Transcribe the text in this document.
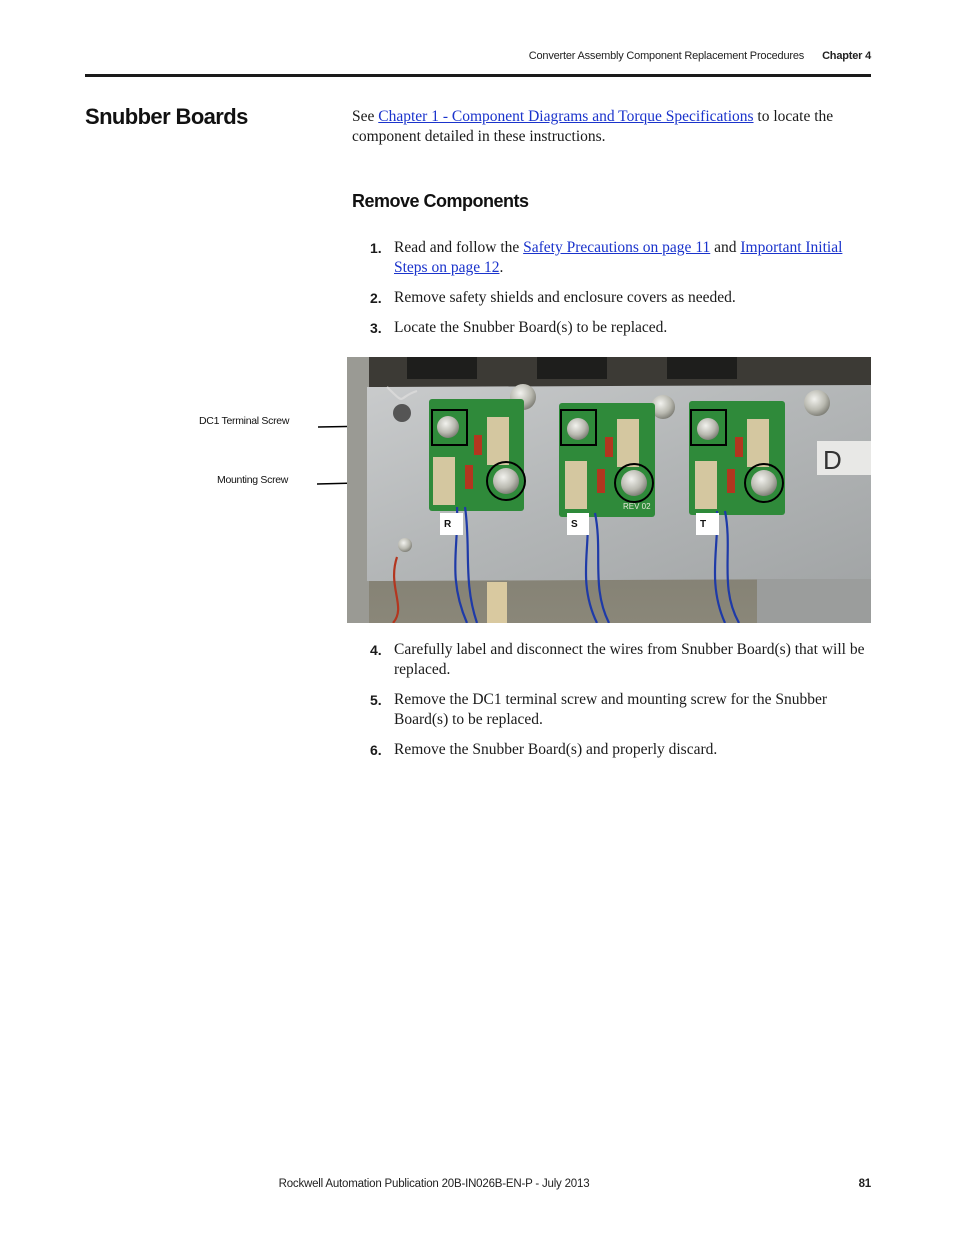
Converter Assembly Component Replacement Procedures Chapter 4
Snubber Boards	See Chapter 1 - Component Diagrams and Torque Specifications to locate the component detailed in these instructions.
Remove Components
1. Read and follow the Safety Precautions on page 11 and Important Initial Steps on page 12.
2. Remove safety shields and enclosure covers as needed.
3. Locate the Snubber Board(s) to be replaced.
DC1 Terminal Screw
Mounting Screw
D
REV 02
R	S	T
4. Carefully label and disconnect the wires from Snubber Board(s) that will be replaced.
5. Remove the DC1 terminal screw and mounting screw for the Snubber Board(s) to be replaced.
6. Remove the Snubber Board(s) and properly discard.
Rockwell Automation Publication 20B-IN026B-EN-P - July 2013	81
